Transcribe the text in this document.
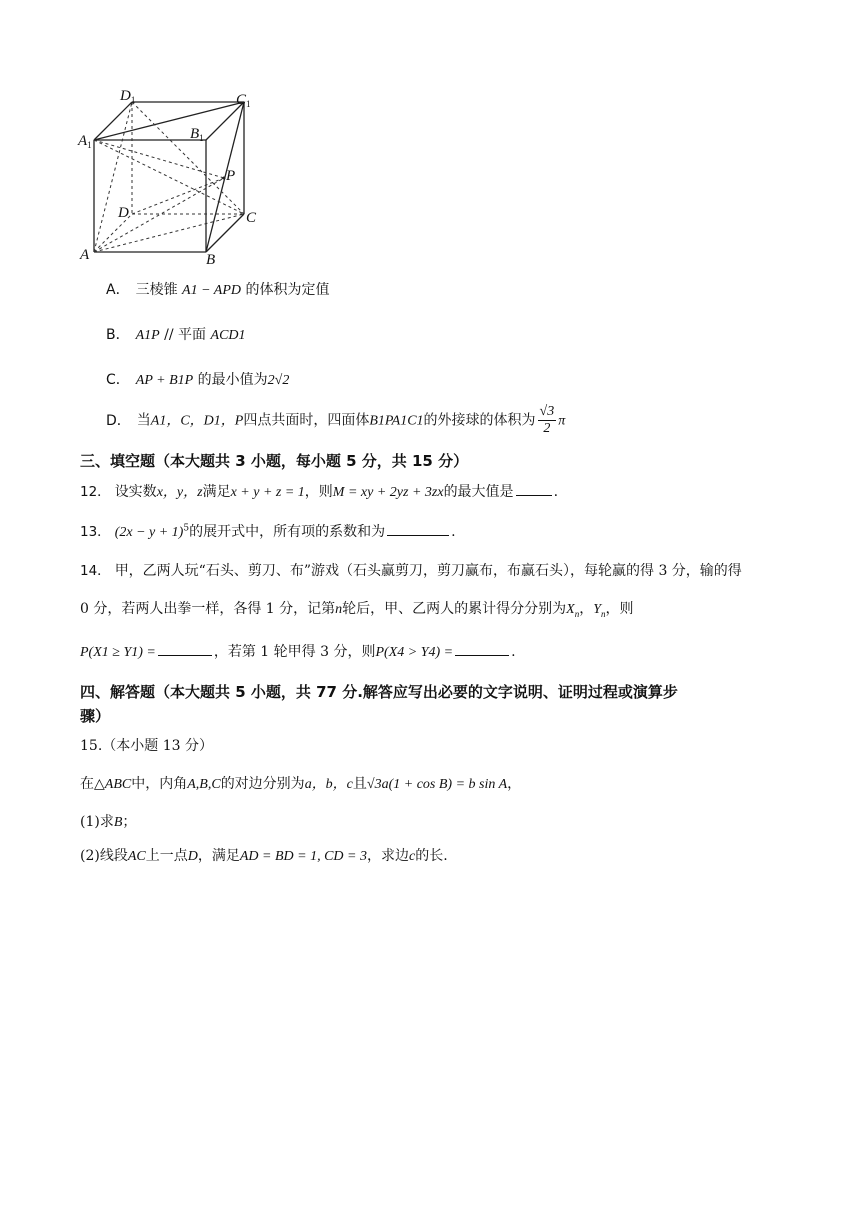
$D_1$	$C_1$
$A_1$
$B_1$
P
D	C
A	B
A． 三棱锥 A1 − APD 的体积为定值
B． A1P // 平面 ACD1
C． AP + B1P 的最小值为2√2
D． 当A1，C，D1，P四点共面时，四面体B1PA1C1的外接球的体积为 $\frac{√3}{2}$ π
三、填空题（本大题共 3 小题，每小题 5 分，共 15 分）
12． 设实数x，y，z满足x + y + z = 1，则M = xy + 2yz + 3zx的最大值是	.
13． $(2x - y + 1)^5$的展开式中，所有项的系数和为	.
14． 甲，乙两人玩“石头、剪刀、布”游戏（石头赢剪刀，剪刀赢布，布赢石头），每轮赢的得 3 分，输的得
0 分，若两人出拳一样，各得 1 分，记第n轮后，甲、乙两人的累计得分分别为$X_n$，$Y_n$，则
P(X1 ≥ Y1) =	，若第 1 轮甲得 3 分，则P(X4 > Y4) =	.
四、解答题（本大题共 5 小题，共 77 分.解答应写出必要的文字说明、证明过程或演算步
骤）
15.（本小题 13 分）
在△ABC中，内角A,B,C的对边分别为a，b，c且√3a(1 + cos B) = b sin A，
(1)求B；
(2)线段AC上一点D，满足AD = BD = 1, CD = 3，求边c的长.
